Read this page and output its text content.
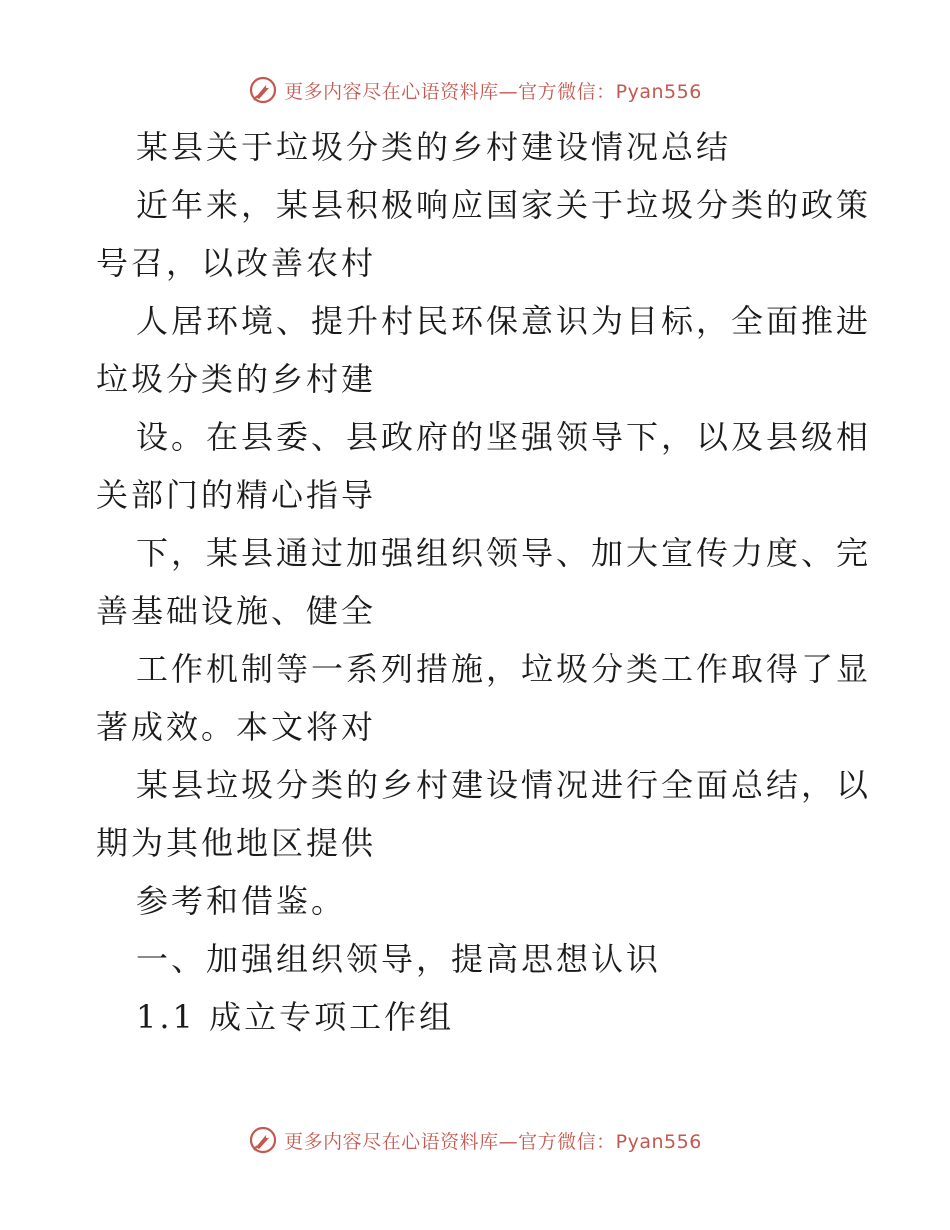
更多内容尽在心语资料库—官方微信：Pyan556
某县关于垃圾分类的乡村建设情况总结
近年来，某县积极响应国家关于垃圾分类的政策
号召，以改善农村
人居环境、提升村民环保意识为目标，全面推进
垃圾分类的乡村建
设。在县委、县政府的坚强领导下，以及县级相
关部门的精心指导
下，某县通过加强组织领导、加大宣传力度、完
善基础设施、健全
工作机制等一系列措施，垃圾分类工作取得了显
著成效。本文将对
某县垃圾分类的乡村建设情况进行全面总结，以
期为其他地区提供
参考和借鉴。
一、加强组织领导，提高思想认识
1.1 成立专项工作组
更多内容尽在心语资料库—官方微信：Pyan556
